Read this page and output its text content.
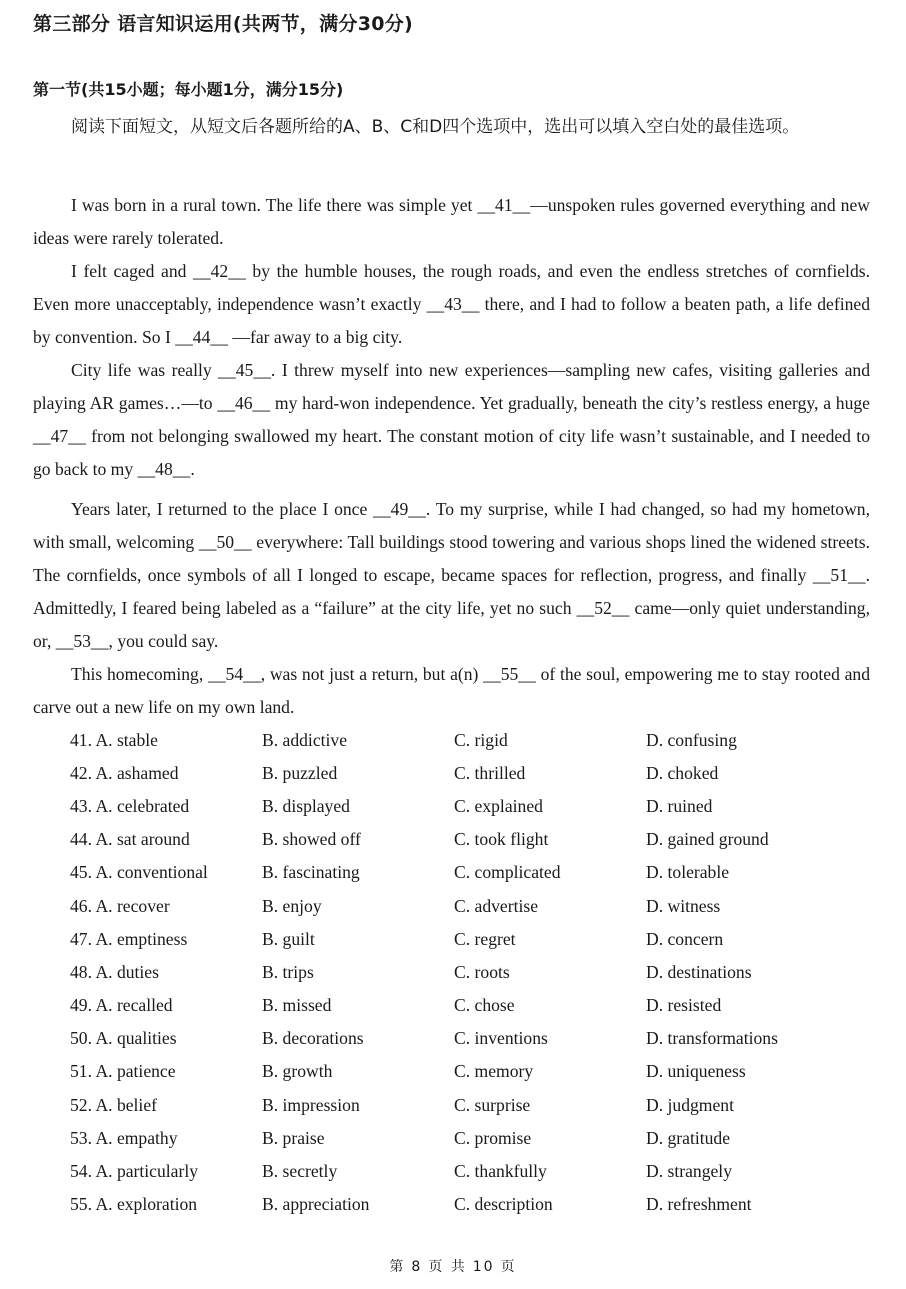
第三部分 语言知识运用(共两节，满分30分)
第一节(共15小题；每小题1分，满分15分)
阅读下面短文，从短文后各题所给的A、B、C和D四个选项中，选出可以填入空白处的最佳选项。

I was born in a rural town. The life there was simple yet __41__—unspoken rules governed everything and new ideas were rarely tolerated.

I felt caged and __42__ by the humble houses, the rough roads, and even the endless stretches of cornfields. Even more unacceptably, independence wasn’t exactly __43__ there, and I had to follow a beaten path, a life defined by convention. So I __44__ —far away to a big city.

City life was really __45__. I threw myself into new experiences—sampling new cafes, visiting galleries and playing AR games…—to __46__ my hard-won independence. Yet gradually, beneath the city’s restless energy, a huge __47__ from not belonging swallowed my heart. The constant motion of city life wasn’t sustainable, and I needed to go back to my __48__.

Years later, I returned to the place I once __49__. To my surprise, while I had changed, so had my hometown, with small, welcoming __50__ everywhere: Tall buildings stood towering and various shops lined the widened streets. The cornfields, once symbols of all I longed to escape, became spaces for reflection, progress, and finally __51__. Admittedly, I feared being labeled as a “failure” at the city life, yet no such __52__ came—only quiet understanding, or, __53__, you could say.

This homecoming, __54__, was not just a return, but a(n) __55__ of the soul, empowering me to stay rooted and carve out a new life on my own land.

41. A. stable	B. addictive	C. rigid	D. confusing
42. A. ashamed	B. puzzled	C. thrilled	D. choked
43. A. celebrated	B. displayed	C. explained	D. ruined
44. A. sat around	B. showed off	C. took flight	D. gained ground
45. A. conventional	B. fascinating	C. complicated	D. tolerable
46. A. recover	B. enjoy	C. advertise	D. witness
47. A. emptiness	B. guilt	C. regret	D. concern
48. A. duties	B. trips	C. roots	D. destinations
49. A. recalled	B. missed	C. chose	D. resisted
50. A. qualities	B. decorations	C. inventions	D. transformations
51. A. patience	B. growth	C. memory	D. uniqueness
52. A. belief	B. impression	C. surprise	D. judgment
53. A. empathy	B. praise	C. promise	D. gratitude
54. A. particularly	B. secretly	C. thankfully	D. strangely
55. A. exploration	B. appreciation	C. description	D. refreshment
第 8 页 共 10 页
